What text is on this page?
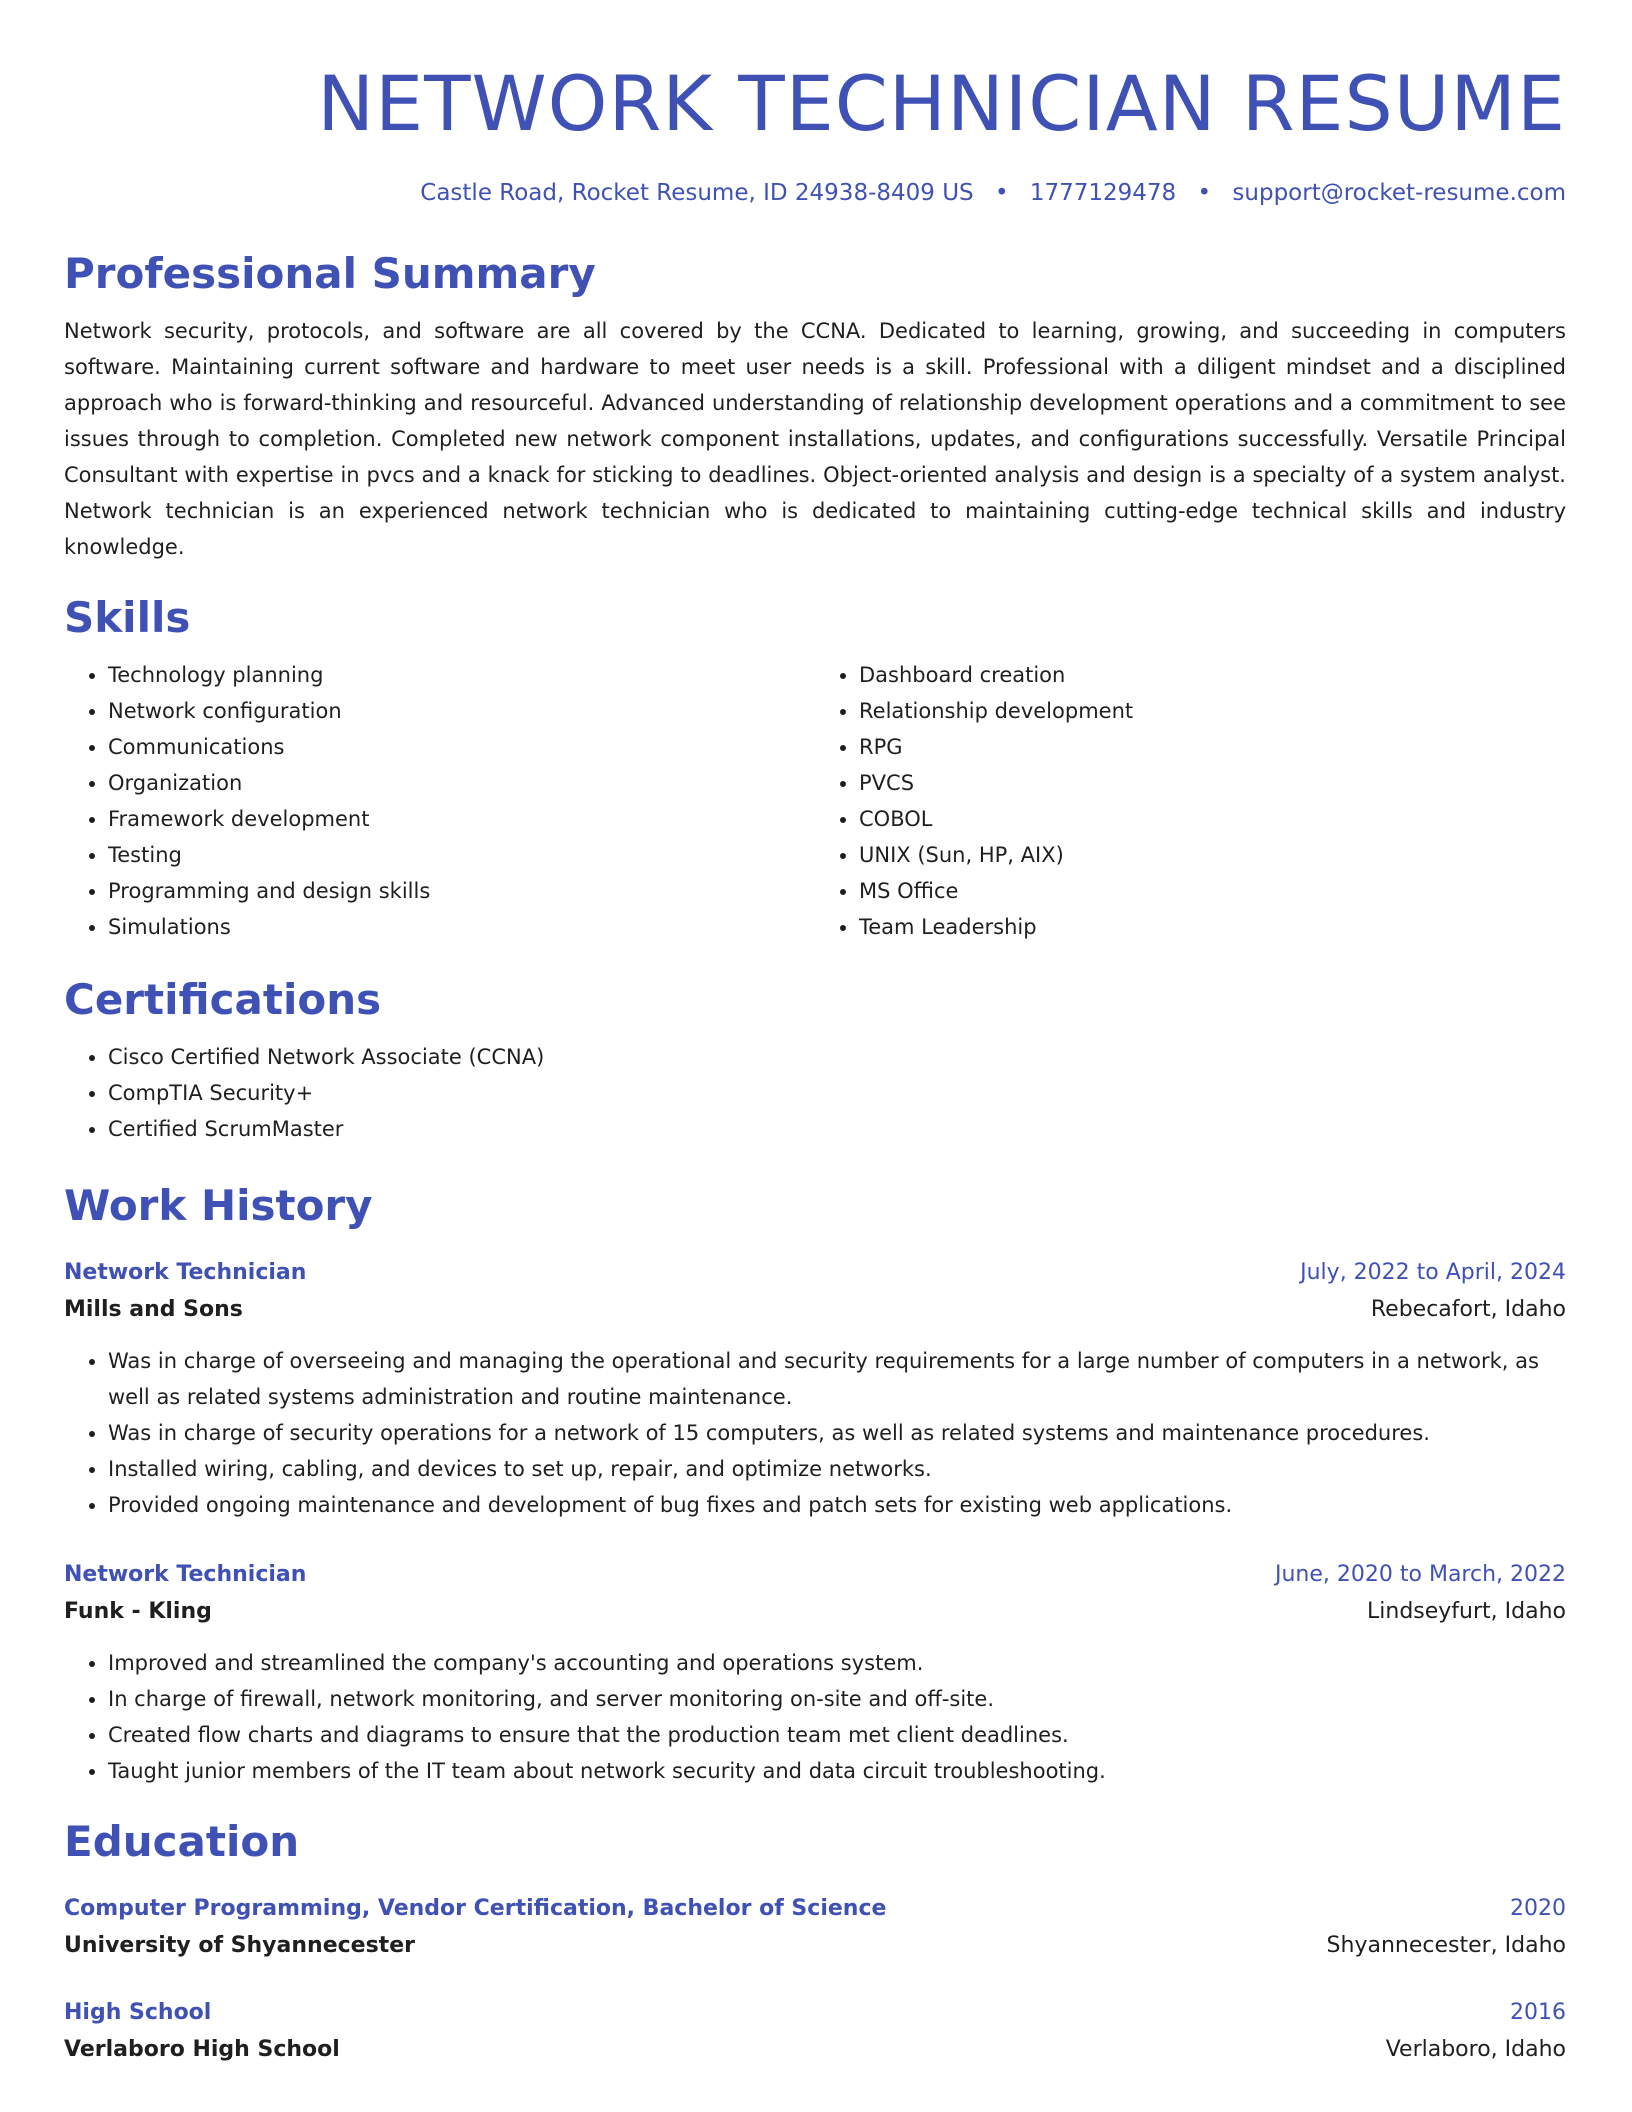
NETWORK TECHNICIAN RESUME
Castle Road, Rocket Resume, ID 24938-8409 US • 1777129478 • support@rocket-resume.com
Professional Summary
Network security, protocols, and software are all covered by the CCNA. Dedicated to learning, growing, and succeeding in computers software. Maintaining current software and hardware to meet user needs is a skill. Professional with a diligent mindset and a disciplined approach who is forward-thinking and resourceful. Advanced understanding of relationship development operations and a commitment to see issues through to completion. Completed new network component installations, updates, and configurations successfully. Versatile Principal Consultant with expertise in pvcs and a knack for sticking to deadlines. Object-oriented analysis and design is a specialty of a system analyst. Network technician is an experienced network technician who is dedicated to maintaining cutting-edge technical skills and industry knowledge.
Skills
• Technology planning
• Network configuration
• Communications
• Organization
• Framework development
• Testing
• Programming and design skills
• Simulations
• Dashboard creation
• Relationship development
• RPG
• PVCS
• COBOL
• UNIX (Sun, HP, AIX)
• MS Office
• Team Leadership
Certifications
• Cisco Certified Network Associate (CCNA)
• CompTIA Security+
• Certified ScrumMaster
Work History
Network Technician	July, 2022 to April, 2024
Mills and Sons	Rebecafort, Idaho
• Was in charge of overseeing and managing the operational and security requirements for a large number of computers in a network, as well as related systems administration and routine maintenance.
• Was in charge of security operations for a network of 15 computers, as well as related systems and maintenance procedures.
• Installed wiring, cabling, and devices to set up, repair, and optimize networks.
• Provided ongoing maintenance and development of bug fixes and patch sets for existing web applications.
Network Technician	June, 2020 to March, 2022
Funk - Kling	Lindseyfurt, Idaho
• Improved and streamlined the company's accounting and operations system.
• In charge of firewall, network monitoring, and server monitoring on-site and off-site.
• Created flow charts and diagrams to ensure that the production team met client deadlines.
• Taught junior members of the IT team about network security and data circuit troubleshooting.
Education
Computer Programming, Vendor Certification, Bachelor of Science	2020
University of Shyannecester	Shyannecester, Idaho
High School	2016
Verlaboro High School	Verlaboro, Idaho
